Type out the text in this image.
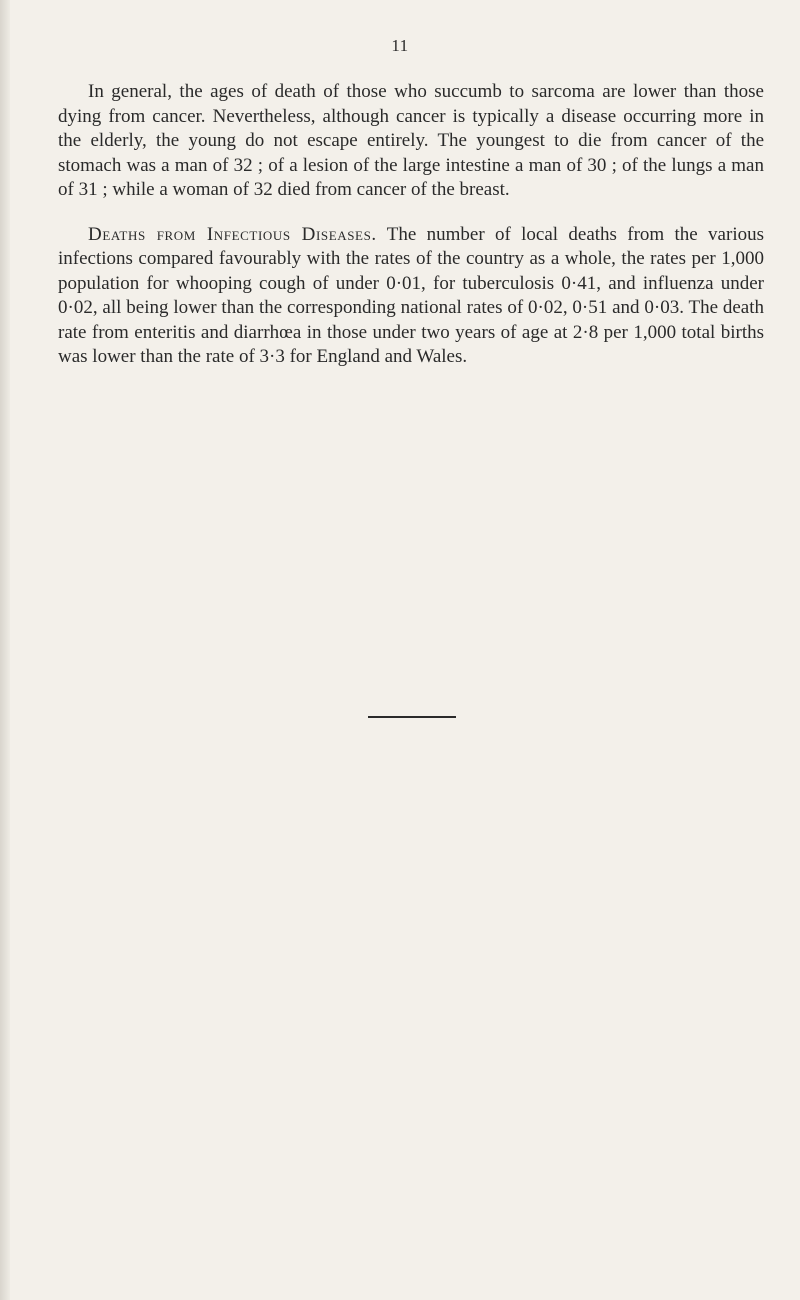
11

In general, the ages of death of those who succumb to sarcoma are lower than those dying from cancer. Nevertheless, although cancer is typically a disease occurring more in the elderly, the young do not escape entirely. The youngest to die from cancer of the stomach was a man of 32 ; of a lesion of the large intestine a man of 30 ; of the lungs a man of 31 ; while a woman of 32 died from cancer of the breast.

Deaths from Infectious Diseases. The number of local deaths from the various infections compared favourably with the rates of the country as a whole, the rates per 1,000 population for whooping cough of under 0·01, for tuberculosis 0·41, and influenza under 0·02, all being lower than the corresponding national rates of 0·02, 0·51 and 0·03. The death rate from enteritis and diarrhœa in those under two years of age at 2·8 per 1,000 total births was lower than the rate of 3·3 for England and Wales.
